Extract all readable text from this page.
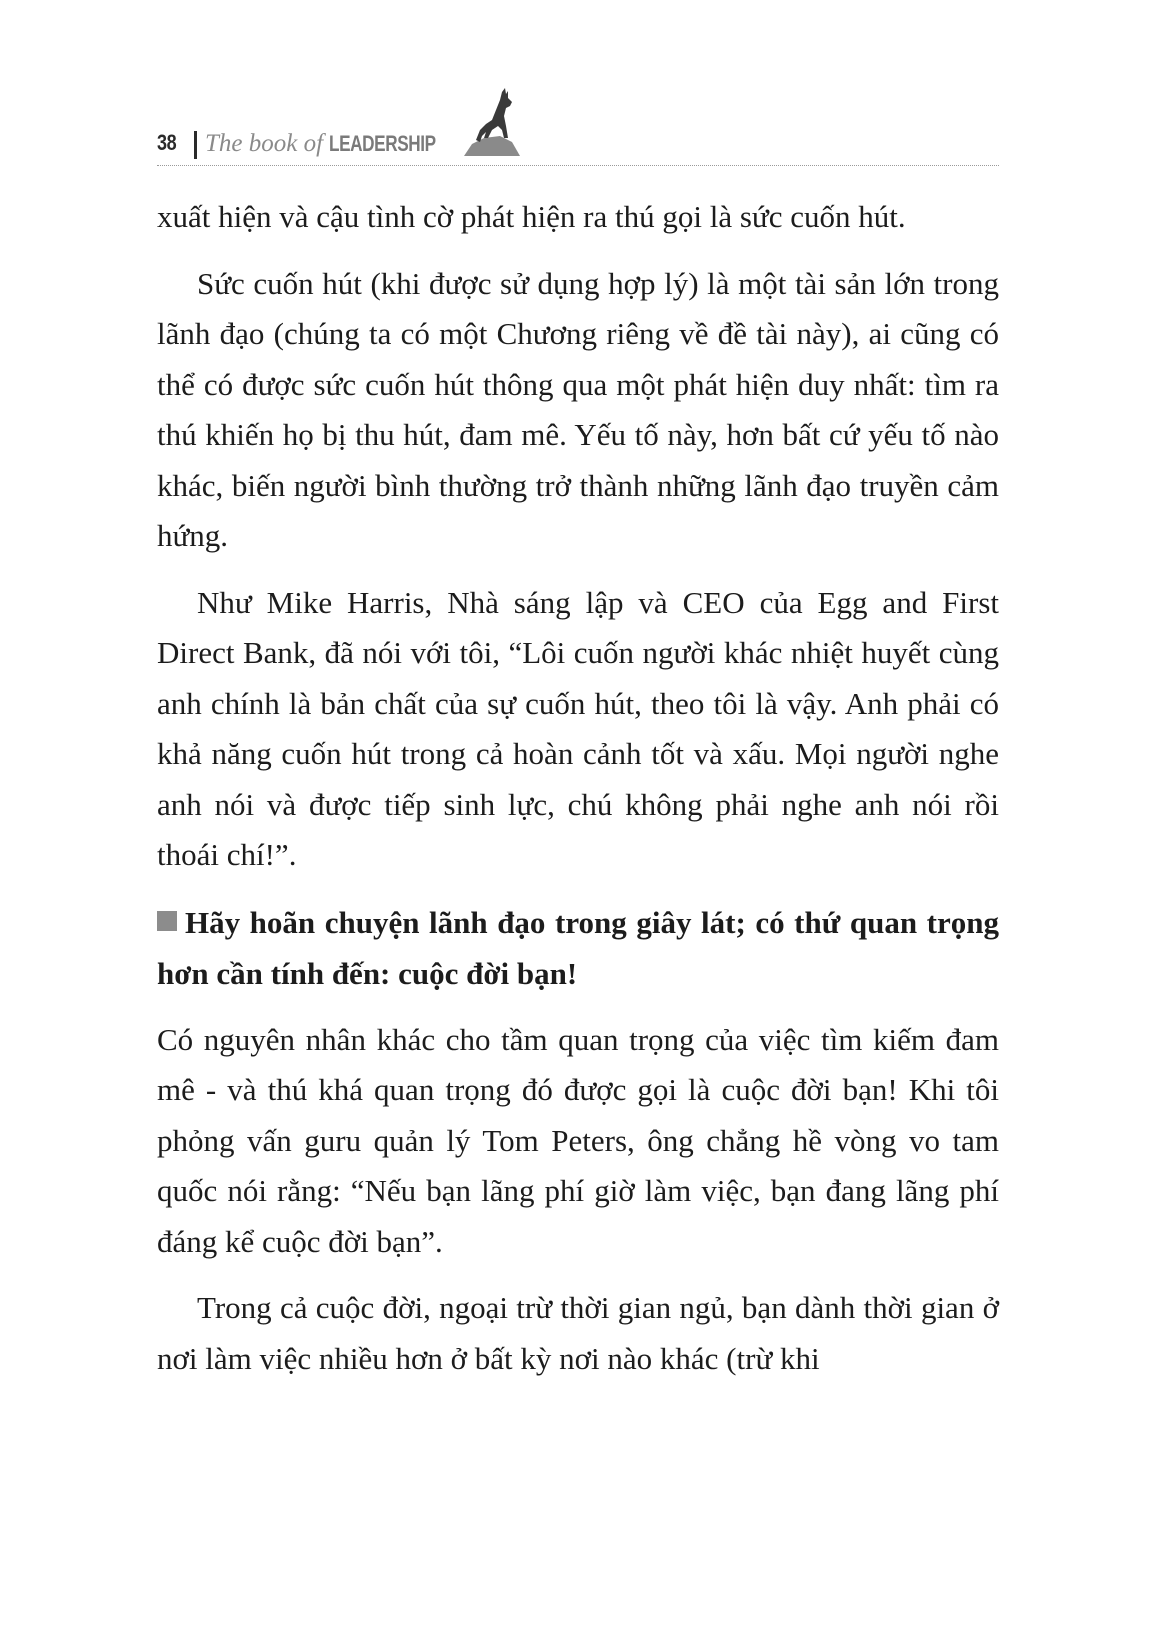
38 The book of LEADERSHIP

xuất hiện và cậu tình cờ phát hiện ra thú gọi là sức cuốn hút.

Sức cuốn hút (khi được sử dụng hợp lý) là một tài sản lớn trong lãnh đạo (chúng ta có một Chương riêng về đề tài này), ai cũng có thể có được sức cuốn hút thông qua một phát hiện duy nhất: tìm ra thú khiến họ bị thu hút, đam mê. Yếu tố này, hơn bất cứ yếu tố nào khác, biến người bình thường trở thành những lãnh đạo truyền cảm hứng.

Như Mike Harris, Nhà sáng lập và CEO của Egg and First Direct Bank, đã nói với tôi, “Lôi cuốn người khác nhiệt huyết cùng anh chính là bản chất của sự cuốn hút, theo tôi là vậy. Anh phải có khả năng cuốn hút trong cả hoàn cảnh tốt và xấu. Mọi người nghe anh nói và được tiếp sinh lực, chú không phải nghe anh nói rồi thoái chí!”.

Hãy hoãn chuyện lãnh đạo trong giây lát; có thứ quan trọng hơn cần tính đến: cuộc đời bạn!

Có nguyên nhân khác cho tầm quan trọng của việc tìm kiếm đam mê - và thú khá quan trọng đó được gọi là cuộc đời bạn! Khi tôi phỏng vấn guru quản lý Tom Peters, ông chẳng hề vòng vo tam quốc nói rằng: “Nếu bạn lãng phí giờ làm việc, bạn đang lãng phí đáng kể cuộc đời bạn”.

Trong cả cuộc đời, ngoại trừ thời gian ngủ, bạn dành thời gian ở nơi làm việc nhiều hơn ở bất kỳ nơi nào khác (trừ khi
